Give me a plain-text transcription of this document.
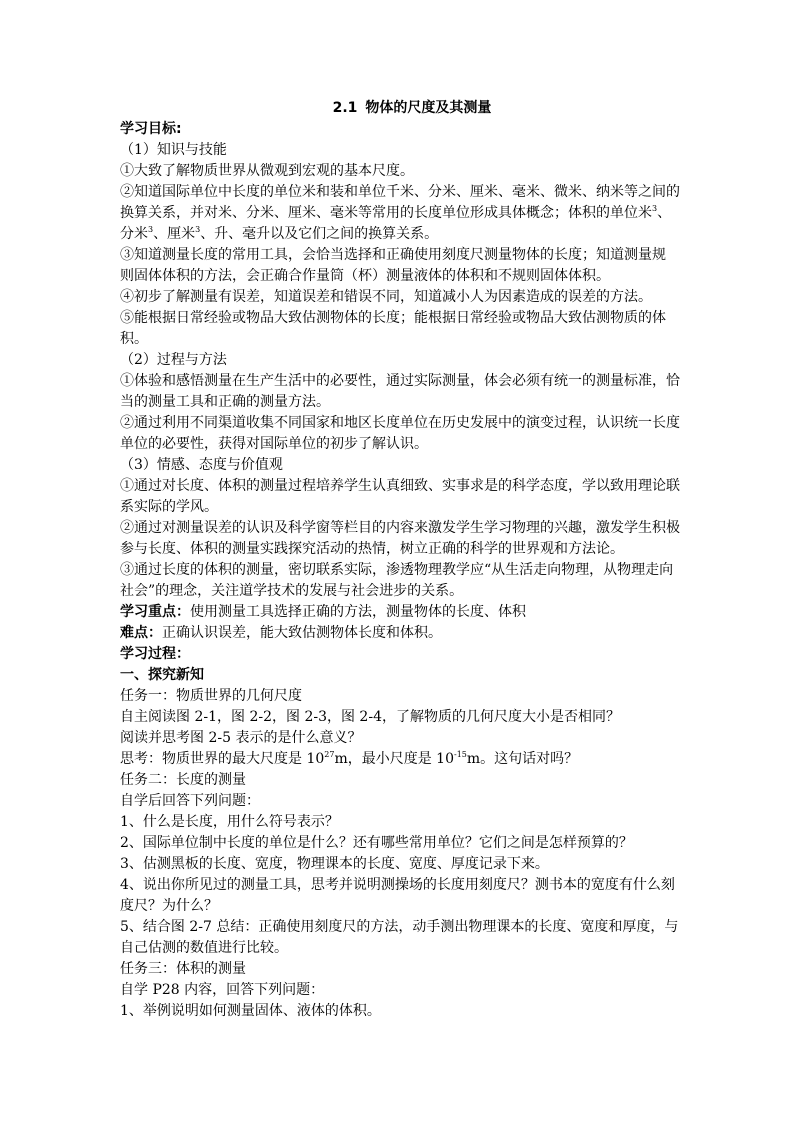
2.1 物体的尺度及其测量
学习目标:
（1）知识与技能
①大致了解物质世界从微观到宏观的基本尺度。
②知道国际单位中长度的单位米和装和单位千米、分米、厘米、毫米、微米、纳米等之间的
换算关系，并对米、分米、厘米、毫米等常用的长度单位形成具体概念；体积的单位米$^3$、
分米$^3$、厘米$^3$、升、毫升以及它们之间的换算关系。
③知道测量长度的常用工具，会恰当选择和正确使用刻度尺测量物体的长度；知道测量规
则固体体积的方法，会正确合作量筒（杯）测量液体的体积和不规则固体体积。
④初步了解测量有误差，知道误差和错误不同，知道减小人为因素造成的误差的方法。
⑤能根据日常经验或物品大致估测物体的长度；能根据日常经验或物品大致估测物质的体
积。
（2）过程与方法
①体验和感悟测量在生产生活中的必要性，通过实际测量，体会必须有统一的测量标准，恰
当的测量工具和正确的测量方法。
②通过利用不同渠道收集不同国家和地区长度单位在历史发展中的演变过程，认识统一长度
单位的必要性，获得对国际单位的初步了解认识。
（3）情感、态度与价值观
①通过对长度、体积的测量过程培养学生认真细致、实事求是的科学态度，学以致用理论联
系实际的学风。
②通过对测量误差的认识及科学窗等栏目的内容来激发学生学习物理的兴趣，激发学生积极
参与长度、体积的测量实践探究活动的热情，树立正确的科学的世界观和方法论。
③通过长度的体积的测量，密切联系实际，渗透物理教学应“从生活走向物理，从物理走向
社会”的理念，关注道学技术的发展与社会进步的关系。
学习重点：使用测量工具选择正确的方法，测量物体的长度、体积
难点：正确认识误差，能大致估测物体长度和体积。
学习过程：
一、探究新知
任务一：物质世界的几何尺度
自主阅读图 2-1，图 2-2，图 2-3，图 2-4，了解物质的几何尺度大小是否相同？
阅读并思考图 2-5 表示的是什么意义？
思考：物质世界的最大尺度是 $10^{27}m$，最小尺度是 $10^{-15}m$。这句话对吗？
任务二：长度的测量
自学后回答下列问题：
1、什么是长度，用什么符号表示？
2、国际单位制中长度的单位是什么？还有哪些常用单位？它们之间是怎样预算的？
3、估测黑板的长度、宽度，物理课本的长度、宽度、厚度记录下来。
4、说出你所见过的测量工具，思考并说明测操场的长度用刻度尺？测书本的宽度有什么刻
度尺？为什么？
5、结合图 2-7 总结：正确使用刻度尺的方法，动手测出物理课本的长度、宽度和厚度，与
自己估测的数值进行比较。
任务三：体积的测量
自学 P28 内容，回答下列问题：
1、举例说明如何测量固体、液体的体积。
